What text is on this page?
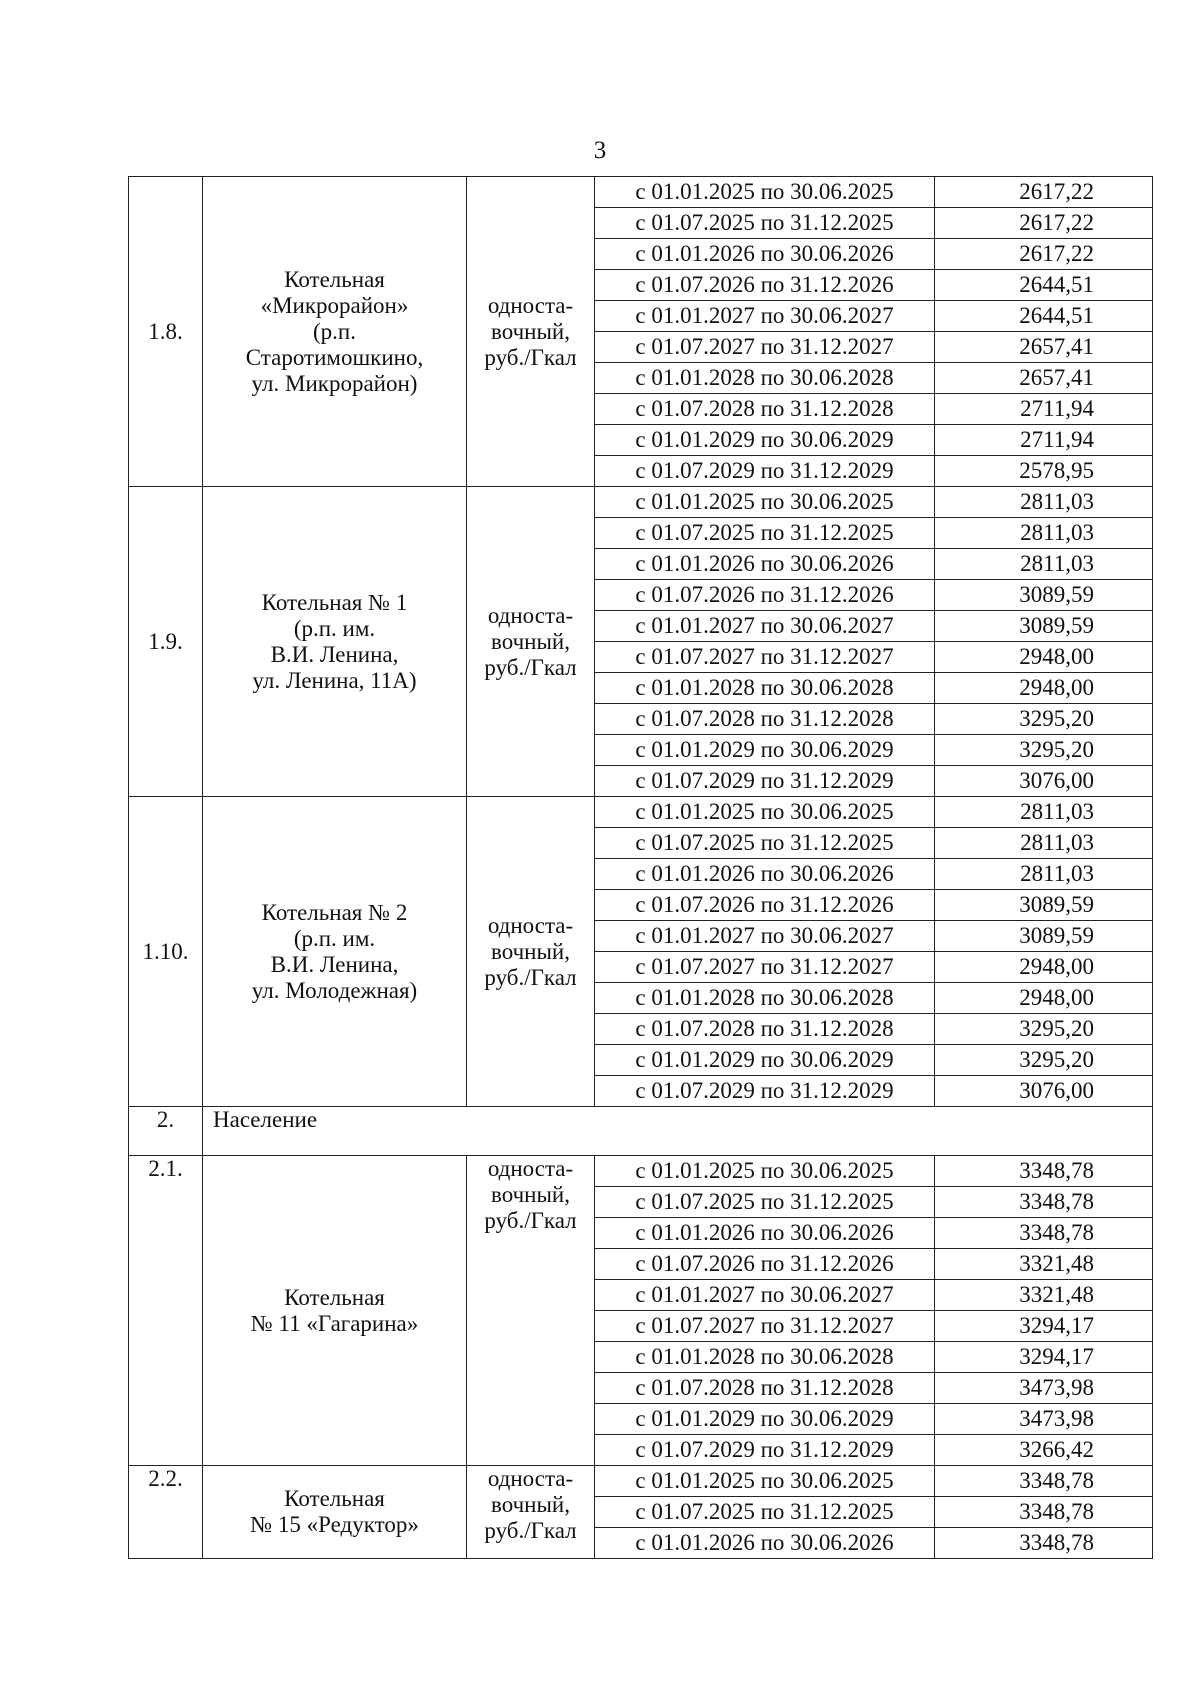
3
1.8.	Котельная
«Микрорайон»
(р.п.
Старотимошкино,
ул. Микрорайон)	односта-
вочный,
руб./Гкал	с 01.01.2025 по 30.06.2025	2617,22
			с 01.07.2025 по 31.12.2025	2617,22
			с 01.01.2026 по 30.06.2026	2617,22
			с 01.07.2026 по 31.12.2026	2644,51
			с 01.01.2027 по 30.06.2027	2644,51
			с 01.07.2027 по 31.12.2027	2657,41
			с 01.01.2028 по 30.06.2028	2657,41
			с 01.07.2028 по 31.12.2028	2711,94
			с 01.01.2029 по 30.06.2029	2711,94
			с 01.07.2029 по 31.12.2029	2578,95
1.9.	Котельная № 1
(р.п. им.
В.И. Ленина,
ул. Ленина, 11А)	односта-
вочный,
руб./Гкал	с 01.01.2025 по 30.06.2025	2811,03
			с 01.07.2025 по 31.12.2025	2811,03
			с 01.01.2026 по 30.06.2026	2811,03
			с 01.07.2026 по 31.12.2026	3089,59
			с 01.01.2027 по 30.06.2027	3089,59
			с 01.07.2027 по 31.12.2027	2948,00
			с 01.01.2028 по 30.06.2028	2948,00
			с 01.07.2028 по 31.12.2028	3295,20
			с 01.01.2029 по 30.06.2029	3295,20
			с 01.07.2029 по 31.12.2029	3076,00
1.10.	Котельная № 2
(р.п. им.
В.И. Ленина,
ул. Молодежная)	односта-
вочный,
руб./Гкал	с 01.01.2025 по 30.06.2025	2811,03
			с 01.07.2025 по 31.12.2025	2811,03
			с 01.01.2026 по 30.06.2026	2811,03
			с 01.07.2026 по 31.12.2026	3089,59
			с 01.01.2027 по 30.06.2027	3089,59
			с 01.07.2027 по 31.12.2027	2948,00
			с 01.01.2028 по 30.06.2028	2948,00
			с 01.07.2028 по 31.12.2028	3295,20
			с 01.01.2029 по 30.06.2029	3295,20
			с 01.07.2029 по 31.12.2029	3076,00
2.	Население			
2.1.	Котельная
№ 11 «Гагарина»	односта-
вочный,
руб./Гкал	с 01.01.2025 по 30.06.2025	3348,78
			с 01.07.2025 по 31.12.2025	3348,78
			с 01.01.2026 по 30.06.2026	3348,78
			с 01.07.2026 по 31.12.2026	3321,48
			с 01.01.2027 по 30.06.2027	3321,48
			с 01.07.2027 по 31.12.2027	3294,17
			с 01.01.2028 по 30.06.2028	3294,17
			с 01.07.2028 по 31.12.2028	3473,98
			с 01.01.2029 по 30.06.2029	3473,98
			с 01.07.2029 по 31.12.2029	3266,42
2.2.	Котельная
№ 15 «Редуктор»	односта-
вочный,
руб./Гкал	с 01.01.2025 по 30.06.2025	3348,78
			с 01.07.2025 по 31.12.2025	3348,78
			с 01.01.2026 по 30.06.2026	3348,78
